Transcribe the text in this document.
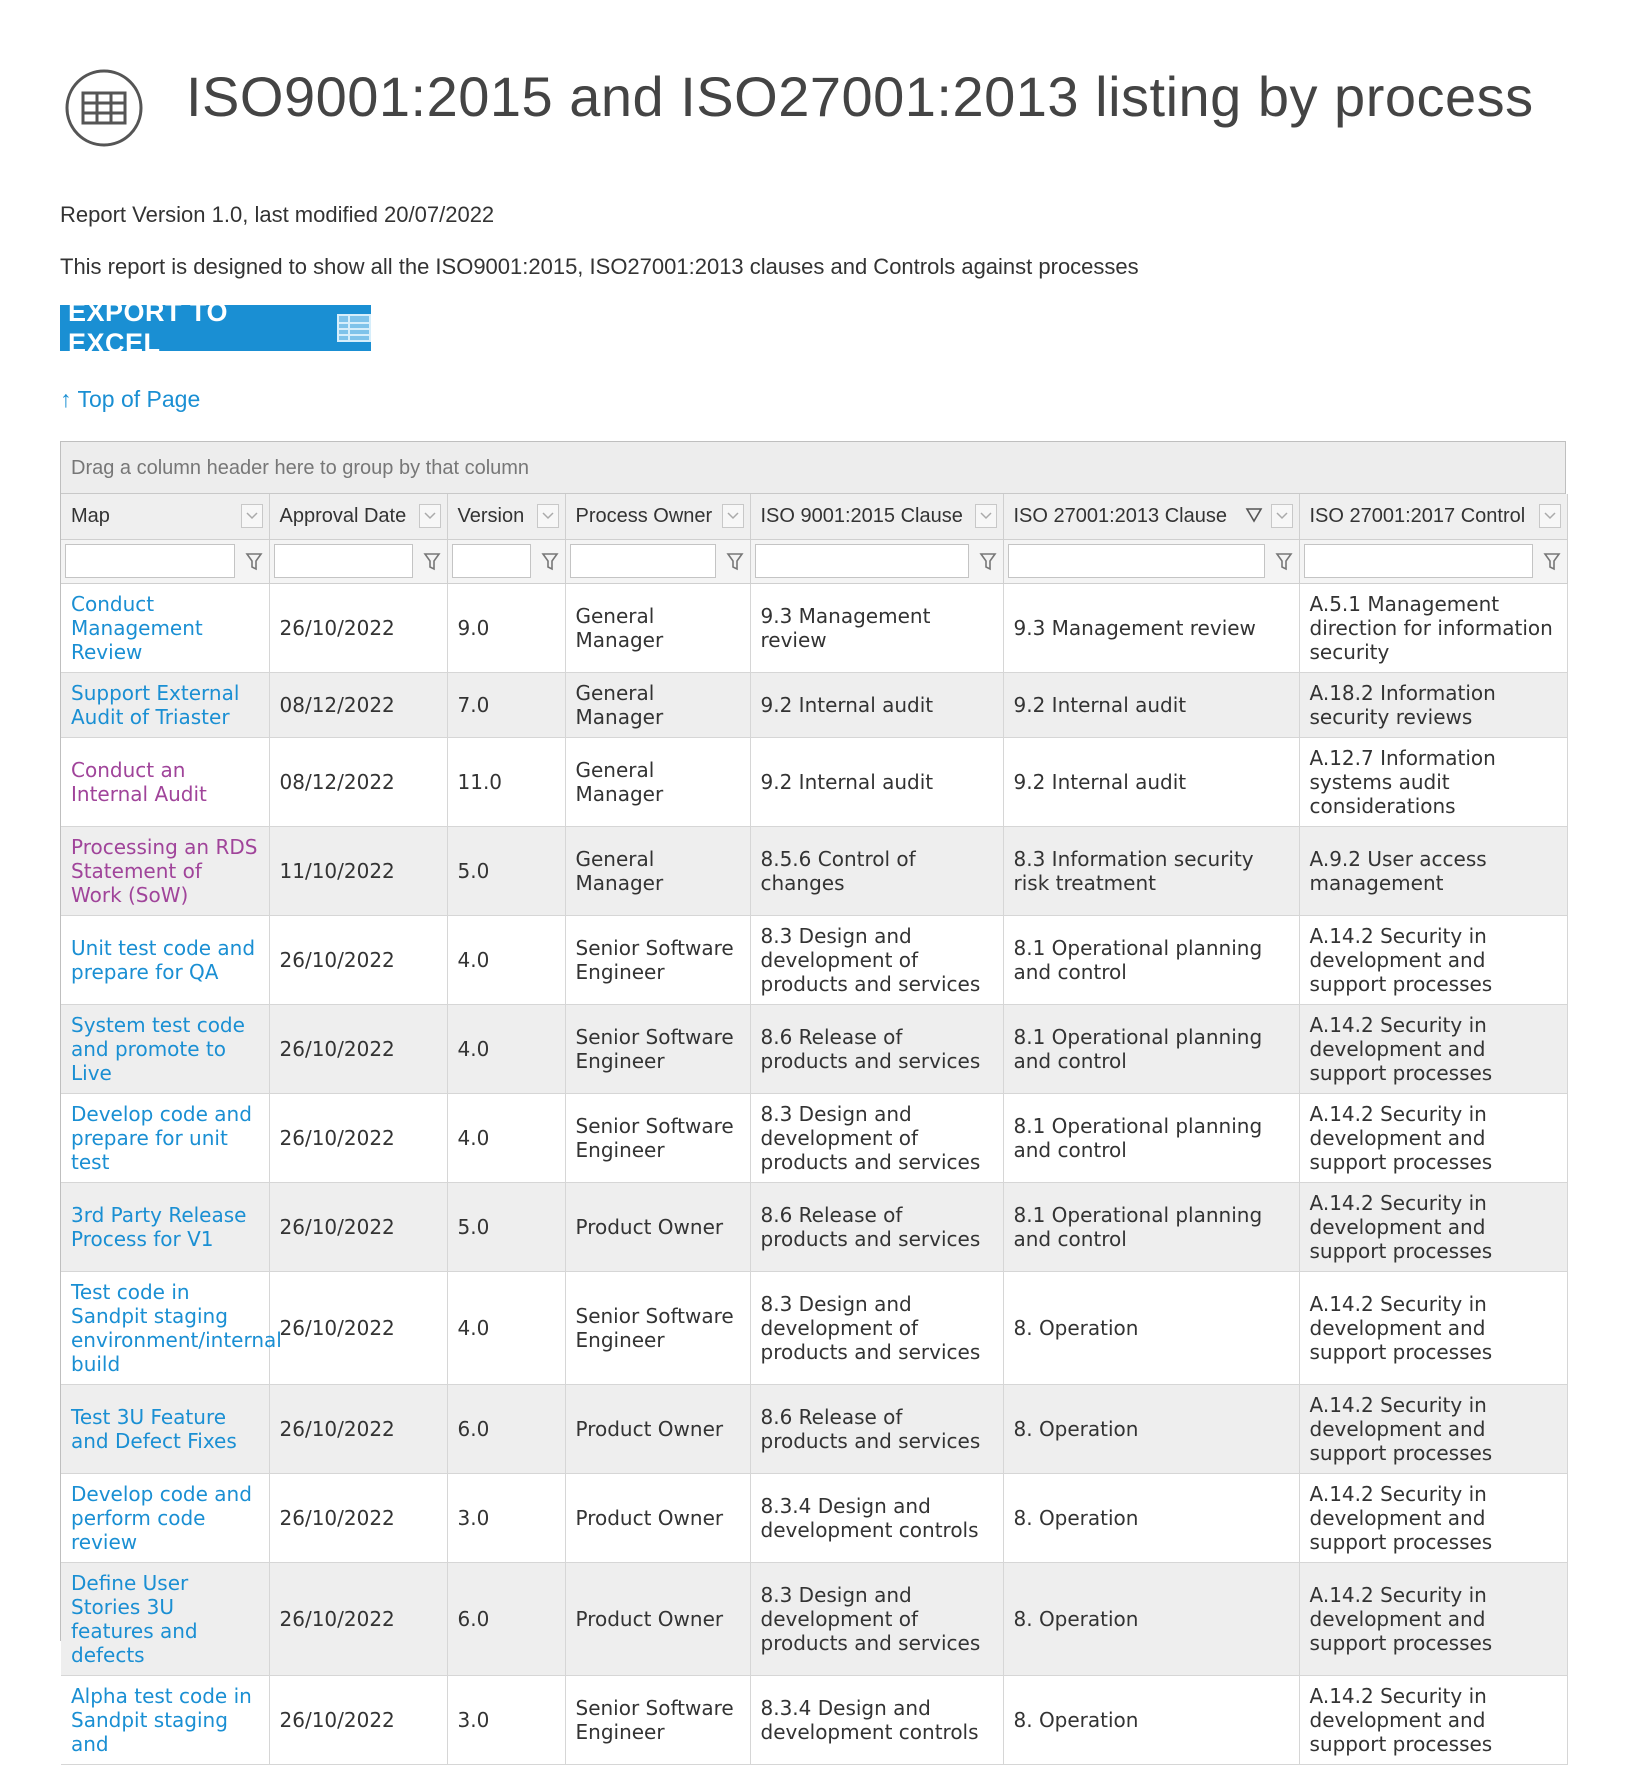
ISO9001:2015 and ISO27001:2013 listing by process
Report Version 1.0, last modified 20/07/2022
This report is designed to show all the ISO9001:2015, ISO27001:2013 clauses and Controls against processes
EXPORT TO EXCEL
↑ Top of Page
Drag a column header here to group by that column
Map	Approval Date	Version	Process Owner	ISO 9001:2015 Clause	ISO 27001:2013 Clause	ISO 27001:2017 Control

Conduct Management Review	26/10/2022	9.0	General Manager	9.3 Management review	9.3 Management review	A.5.1 Management direction for information security
Support External Audit of Triaster	08/12/2022	7.0	General Manager	9.2 Internal audit	9.2 Internal audit	A.18.2 Information security reviews
Conduct an Internal Audit	08/12/2022	11.0	General Manager	9.2 Internal audit	9.2 Internal audit	A.12.7 Information systems audit considerations
Processing an RDS Statement of Work (SoW)	11/10/2022	5.0	General Manager	8.5.6 Control of changes	8.3 Information security risk treatment	A.9.2 User access management
Unit test code and prepare for QA	26/10/2022	4.0	Senior Software Engineer	8.3 Design and development of products and services	8.1 Operational planning and control	A.14.2 Security in development and support processes
System test code and promote to Live	26/10/2022	4.0	Senior Software Engineer	8.6 Release of products and services	8.1 Operational planning and control	A.14.2 Security in development and support processes
Develop code and prepare for unit test	26/10/2022	4.0	Senior Software Engineer	8.3 Design and development of products and services	8.1 Operational planning and control	A.14.2 Security in development and support processes
3rd Party Release Process for V1	26/10/2022	5.0	Product Owner	8.6 Release of products and services	8.1 Operational planning and control	A.14.2 Security in development and support processes
Test code in Sandpit staging environment/internal build	26/10/2022	4.0	Senior Software Engineer	8.3 Design and development of products and services	8. Operation	A.14.2 Security in development and support processes
Test 3U Feature and Defect Fixes	26/10/2022	6.0	Product Owner	8.6 Release of products and services	8. Operation	A.14.2 Security in development and support processes
Develop code and perform code review	26/10/2022	3.0	Product Owner	8.3.4 Design and development controls	8. Operation	A.14.2 Security in development and support processes
Define User Stories 3U features and defects	26/10/2022	6.0	Product Owner	8.3 Design and development of products and services	8. Operation	A.14.2 Security in development and support processes
Alpha test code in Sandpit staging and	26/10/2022	3.0	Senior Software Engineer	8.3.4 Design and development controls	8. Operation	A.14.2 Security in development and support processes
